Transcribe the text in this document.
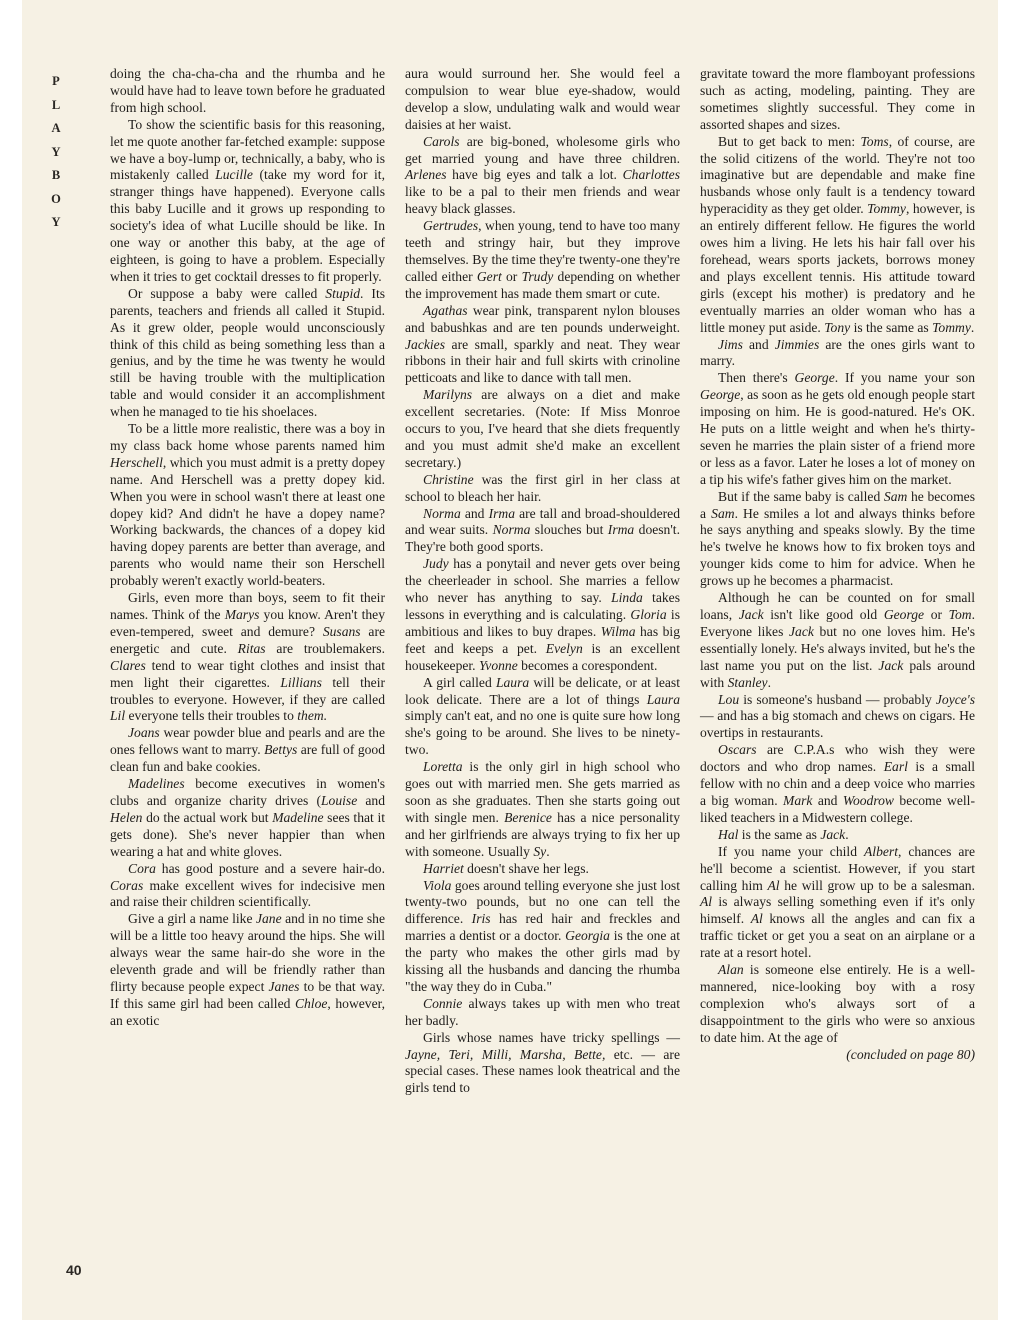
P
L
A
Y
B
O
Y
40

doing the cha-cha-cha and the rhumba and he would have had to leave town before he graduated from high school.

To show the scientific basis for this reasoning, let me quote another far-fetched example: suppose we have a boy-lump or, technically, a baby, who is mistakenly called Lucille (take my word for it, stranger things have happened). Everyone calls this baby Lucille and it grows up responding to society's idea of what Lucille should be like. In one way or another this baby, at the age of eighteen, is going to have a problem. Especially when it tries to get cocktail dresses to fit properly.

Or suppose a baby were called Stupid. Its parents, teachers and friends all called it Stupid. As it grew older, people would unconsciously think of this child as being something less than a genius, and by the time he was twenty he would still be having trouble with the multiplication table and would consider it an accomplishment when he managed to tie his shoelaces.

To be a little more realistic, there was a boy in my class back home whose parents named him Herschell, which you must admit is a pretty dopey name. And Herschell was a pretty dopey kid. When you were in school wasn't there at least one dopey kid? And didn't he have a dopey name? Working backwards, the chances of a dopey kid having dopey parents are better than average, and parents who would name their son Herschell probably weren't exactly world-beaters.

Girls, even more than boys, seem to fit their names. Think of the Marys you know. Aren't they even-tempered, sweet and demure? Susans are energetic and cute. Ritas are troublemakers. Clares tend to wear tight clothes and insist that men light their cigarettes. Lillians tell their troubles to everyone. However, if they are called Lil everyone tells their troubles to them.

Joans wear powder blue and pearls and are the ones fellows want to marry. Bettys are full of good clean fun and bake cookies.

Madelines become executives in women's clubs and organize charity drives (Louise and Helen do the actual work but Madeline sees that it gets done). She's never happier than when wearing a hat and white gloves.

Cora has good posture and a severe hair-do. Coras make excellent wives for indecisive men and raise their children scientifically.

Give a girl a name like Jane and in no time she will be a little too heavy around the hips. She will always wear the same hair-do she wore in the eleventh grade and will be friendly rather than flirty because people expect Janes to be that way. If this same girl had been called Chloe, however, an exotic

aura would surround her. She would feel a compulsion to wear blue eye-shadow, would develop a slow, undulating walk and would wear daisies at her waist.

Carols are big-boned, wholesome girls who get married young and have three children. Arlenes have big eyes and talk a lot. Charlottes like to be a pal to their men friends and wear heavy black glasses.

Gertrudes, when young, tend to have too many teeth and stringy hair, but they improve themselves. By the time they're twenty-one they're called either Gert or Trudy depending on whether the improvement has made them smart or cute.

Agathas wear pink, transparent nylon blouses and babushkas and are ten pounds underweight. Jackies are small, sparkly and neat. They wear ribbons in their hair and full skirts with crinoline petticoats and like to dance with tall men.

Marilyns are always on a diet and make excellent secretaries. (Note: If Miss Monroe occurs to you, I've heard that she diets frequently and you must admit she'd make an excellent secretary.)

Christine was the first girl in her class at school to bleach her hair.

Norma and Irma are tall and broad-shouldered and wear suits. Norma slouches but Irma doesn't. They're both good sports.

Judy has a ponytail and never gets over being the cheerleader in school. She marries a fellow who never has anything to say. Linda takes lessons in everything and is calculating. Gloria is ambitious and likes to buy drapes. Wilma has big feet and keeps a pet. Evelyn is an excellent housekeeper. Yvonne becomes a corespondent.

A girl called Laura will be delicate, or at least look delicate. There are a lot of things Laura simply can't eat, and no one is quite sure how long she's going to be around. She lives to be ninety-two.

Loretta is the only girl in high school who goes out with married men. She gets married as soon as she graduates. Then she starts going out with single men. Berenice has a nice personality and her girlfriends are always trying to fix her up with someone. Usually Sy.

Harriet doesn't shave her legs.

Viola goes around telling everyone she just lost twenty-two pounds, but no one can tell the difference. Iris has red hair and freckles and marries a dentist or a doctor. Georgia is the one at the party who makes the other girls mad by kissing all the husbands and dancing the rhumba "the way they do in Cuba."

Connie always takes up with men who treat her badly.

Girls whose names have tricky spellings — Jayne, Teri, Milli, Marsha, Bette, etc. — are special cases. These names look theatrical and the girls tend to

gravitate toward the more flamboyant professions such as acting, modeling, painting. They are sometimes slightly successful. They come in assorted shapes and sizes.

But to get back to men: Toms, of course, are the solid citizens of the world. They're not too imaginative but are dependable and make fine husbands whose only fault is a tendency toward hyperacidity as they get older. Tommy, however, is an entirely different fellow. He figures the world owes him a living. He lets his hair fall over his forehead, wears sports jackets, borrows money and plays excellent tennis. His attitude toward girls (except his mother) is predatory and he eventually marries an older woman who has a little money put aside. Tony is the same as Tommy.

Jims and Jimmies are the ones girls want to marry.

Then there's George. If you name your son George, as soon as he gets old enough people start imposing on him. He is good-natured. He's OK. He puts on a little weight and when he's thirty-seven he marries the plain sister of a friend more or less as a favor. Later he loses a lot of money on a tip his wife's father gives him on the market.

But if the same baby is called Sam he becomes a Sam. He smiles a lot and always thinks before he says anything and speaks slowly. By the time he's twelve he knows how to fix broken toys and younger kids come to him for advice. When he grows up he becomes a pharmacist.

Although he can be counted on for small loans, Jack isn't like good old George or Tom. Everyone likes Jack but no one loves him. He's essentially lonely. He's always invited, but he's the last name you put on the list. Jack pals around with Stanley.

Lou is someone's husband — probably Joyce's — and has a big stomach and chews on cigars. He overtips in restaurants.

Oscars are C.P.A.s who wish they were doctors and who drop names. Earl is a small fellow with no chin and a deep voice who marries a big woman. Mark and Woodrow become well-liked teachers in a Midwestern college.

Hal is the same as Jack.

If you name your child Albert, chances are he'll become a scientist. However, if you start calling him Al he will grow up to be a salesman. Al is always selling something even if it's only himself. Al knows all the angles and can fix a traffic ticket or get you a seat on an airplane or a rate at a resort hotel.

Alan is someone else entirely. He is a well-mannered, nice-looking boy with a rosy complexion who's always sort of a disappointment to the girls who were so anxious to date him. At the age of

(concluded on page 80)
